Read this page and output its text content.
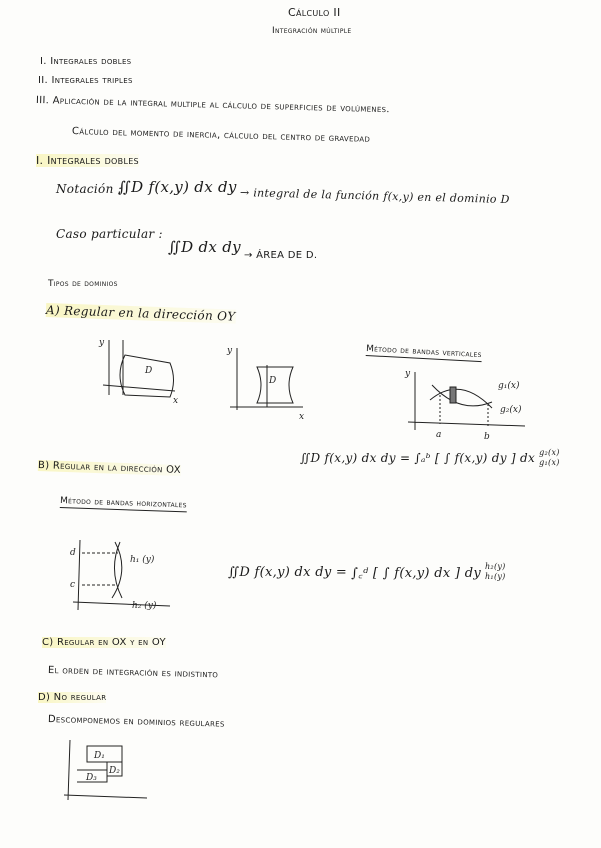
Cálculo II
Integración múltiple
I. Integrales dobles
II. Integrales triples
III. Aplicación de la integral multiple al cálculo de superficies de volúmenes.
Cálculo del momento de inercia, cálculo del centro de gravedad
I. Integrales dobles
Notación :
∬D f(x,y) dx dy → integral de la función f(x,y) en el dominio D
Caso particular :
∬D dx dy → ÁREA DE D.
Tipos de dominios
A) Regular en la dirección OY
D
y
x
D
y
x
Método de bandas verticales
y
a	b
g₁(x)
g₂(x)
∬D f(x,y) dx dy = ∫ₐᵇ [ ∫ f(x,y) dy ] dx g₂(x)
g₁(x)
B) Regular en la dirección OX
Método de bandas horizontales
d
c
h₁ (y)
h₂ (y)
∬D f(x,y) dx dy = ∫꜀ᵈ [ ∫ f(x,y) dx ] dy h₂(y)
h₁(y)
C) Regular en OX y en OY
El orden de integración es indistinto
D) No regular
Descomponemos en dominios regulares
D₁
D₂
D₃
